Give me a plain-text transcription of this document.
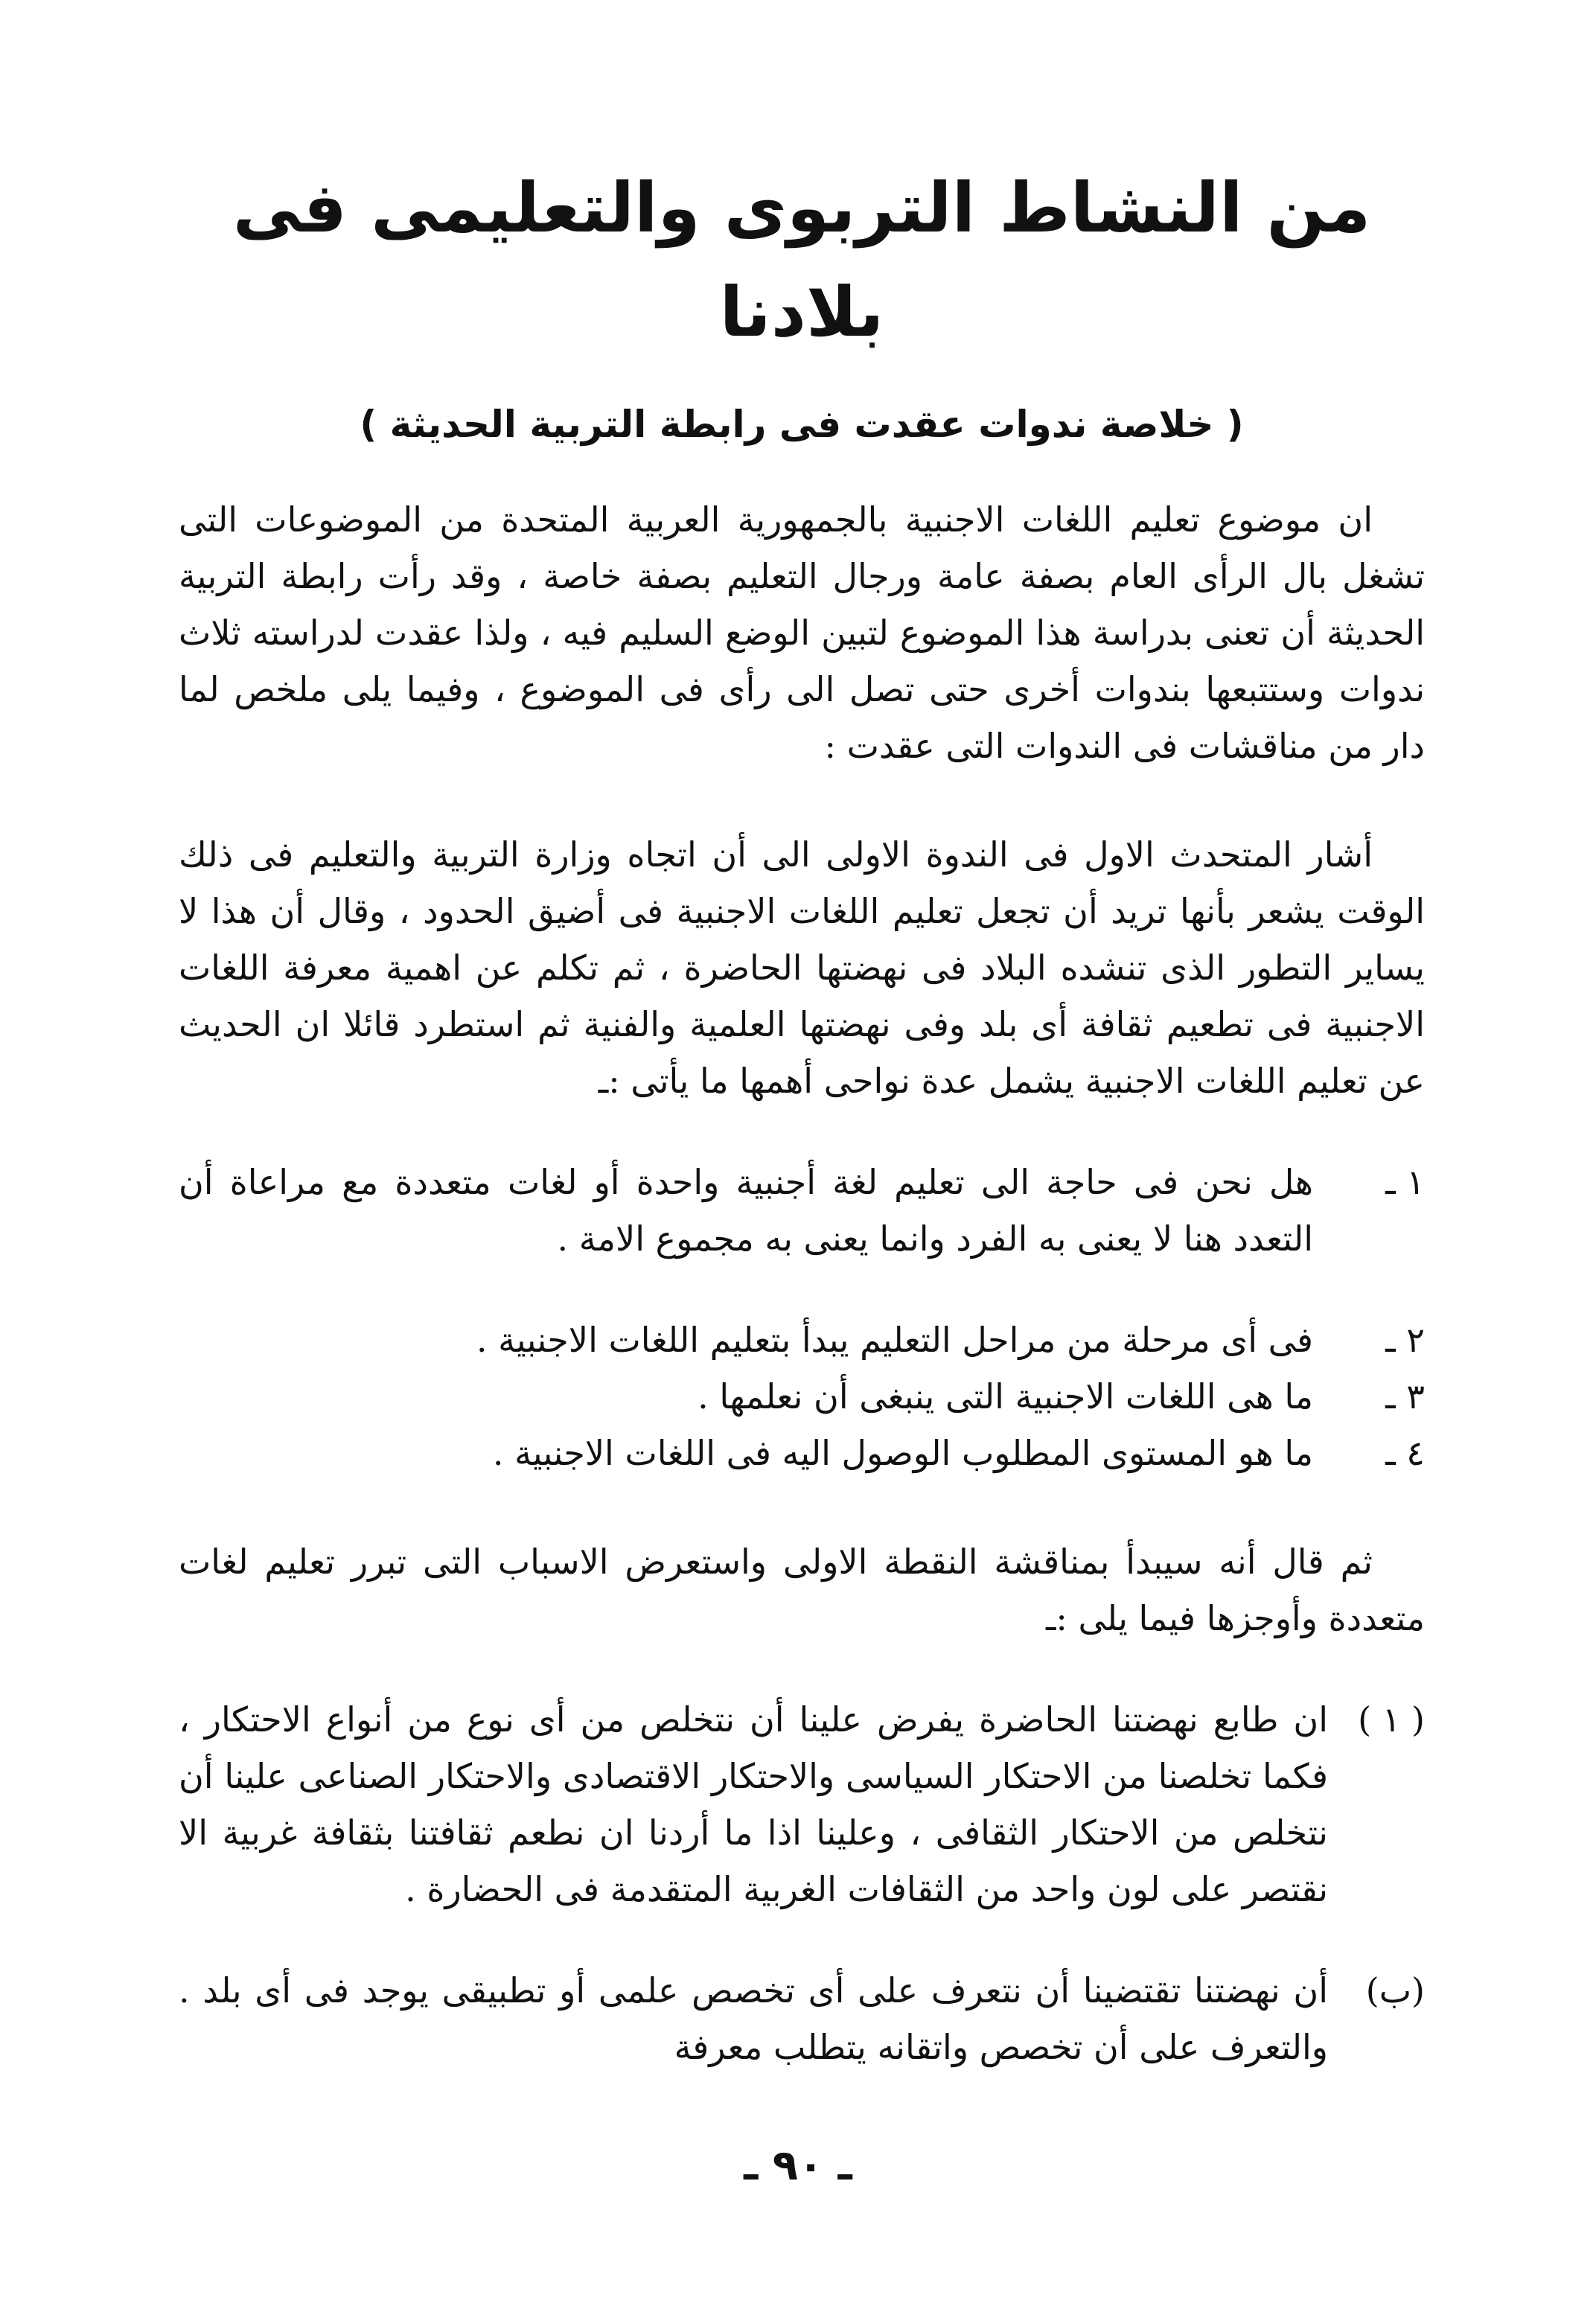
من النشاط التربوى والتعليمى فى بلادنا
( خلاصة ندوات عقدت فى رابطة التربية الحديثة )

ان موضوع تعليم اللغات الاجنبية بالجمهورية العربية المتحدة من الموضوعات التى تشغل بال الرأى العام بصفة عامة ورجال التعليم بصفة خاصة ، وقد رأت رابطة التربية الحديثة أن تعنى بدراسة هذا الموضوع لتبين الوضع السليم فيه ، ولذا عقدت لدراسته ثلاث ندوات وستتبعها بندوات أخرى حتى تصل الى رأى فى الموضوع ، وفيما يلى ملخص لما دار من مناقشات فى الندوات التى عقدت :

أشار المتحدث الاول فى الندوة الاولى الى أن اتجاه وزارة التربية والتعليم فى ذلك الوقت يشعر بأنها تريد أن تجعل تعليم اللغات الاجنبية فى أضيق الحدود ، وقال أن هذا لا يساير التطور الذى تنشده البلاد فى نهضتها الحاضرة ، ثم تكلم عن اهمية معرفة اللغات الاجنبية فى تطعيم ثقافة أى بلد وفى نهضتها العلمية والفنية ثم استطرد قائلا ان الحديث عن تعليم اللغات الاجنبية يشمل عدة نواحى أهمها ما يأتى :ـ

١ ـ
هل نحن فى حاجة الى تعليم لغة أجنبية واحدة أو لغات متعددة مع مراعاة أن التعدد هنا لا يعنى به الفرد وانما يعنى به مجموع الامة .
٢ ـ
فى أى مرحلة من مراحل التعليم يبدأ بتعليم اللغات الاجنبية .
٣ ـ
ما هى اللغات الاجنبية التى ينبغى أن نعلمها .
٤ ـ
ما هو المستوى المطلوب الوصول اليه فى اللغات الاجنبية .

ثم قال أنه سيبدأ بمناقشة النقطة الاولى واستعرض الاسباب التى تبرر تعليم لغات متعددة وأوجزها فيما يلى :ـ

( ١ )
ان طابع نهضتنا الحاضرة يفرض علينا أن نتخلص من أى نوع من أنواع الاحتكار ، فكما تخلصنا من الاحتكار السياسى والاحتكار الاقتصادى والاحتكار الصناعى علينا أن نتخلص من الاحتكار الثقافى ، وعلينا اذا ما أردنا ان نطعم ثقافتنا بثقافة غربية الا نقتصر على لون واحد من الثقافات الغربية المتقدمة فى الحضارة .
(ب)
أن نهضتنا تقتضينا أن نتعرف على أى تخصص علمى أو تطبيقى يوجد فى أى بلد . والتعرف على أن تخصص واتقانه يتطلب معرفة
ـ ٩٠ ـ
